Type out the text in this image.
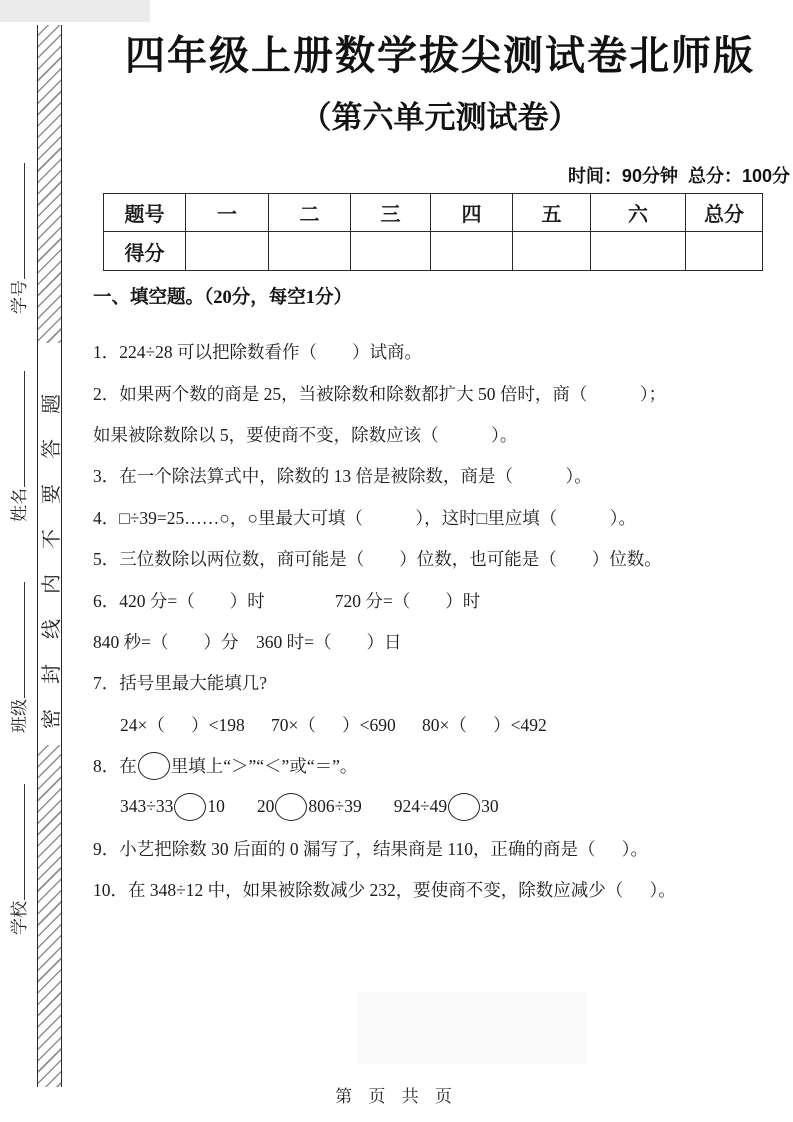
密封线内不要答题
学号
姓名
班级
学校
四年级上册数学拔尖测试卷北师版
（第六单元测试卷）
时间：90分钟  总分：100分
题号	一	二	三	四	五	六	总分
得分							
一、填空题。（20分，每空1分）
1．224÷28 可以把除数看作（        ）试商。
2．如果两个数的商是 25，当被除数和除数都扩大 50 倍时，商（            ）；
如果被除数除以 5，要使商不变，除数应该（            ）。
3．在一个除法算式中，除数的 13 倍是被除数，商是（            ）。
4．□÷39=25……○，○里最大可填（            ），这时□里应填（            ）。
5．三位数除以两位数，商可能是（        ）位数，也可能是（        ）位数。
6．420 分=（        ）时                720 分=（        ）时
840 秒=（        ）分    360 时=（        ）日
7．括号里最大能填几?
24×（      ）<198      70×（      ）<690      80×（      ）<492
8．在 里填上“＞”“＜”或“＝”。
343÷33 10 20 806÷39 924÷49 30
9．小艺把除数 30 后面的 0 漏写了，结果商是 110，正确的商是（      ）。
10．在 348÷12 中，如果被除数减少 232，要使商不变，除数应减少（      ）。
第 页 共 页
